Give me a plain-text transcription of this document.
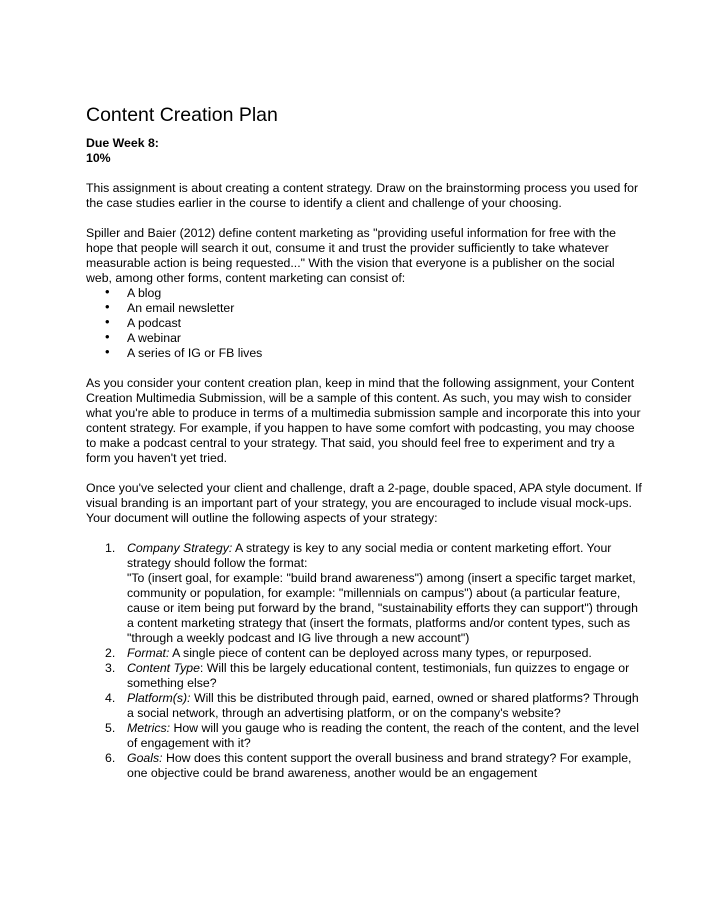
Content Creation Plan

Due Week 8:

10%

This assignment is about creating a content strategy. Draw on the brainstorming process you used for the case studies earlier in the course to identify a client and challenge of your choosing.

Spiller and Baier (2012) define content marketing as "providing useful information for free with the hope that people will search it out, consume it and trust the provider sufficiently to take whatever measurable action is being requested..." With the vision that everyone is a publisher on the social web, among other forms, content marketing can consist of:

• A blog
• An email newsletter
• A podcast
• A webinar
• A series of IG or FB lives

As you consider your content creation plan, keep in mind that the following assignment, your Content Creation Multimedia Submission, will be a sample of this content. As such, you may wish to consider what you're able to produce in terms of a multimedia submission sample and incorporate this into your content strategy. For example, if you happen to have some comfort with podcasting, you may choose to make a podcast central to your strategy. That said, you should feel free to experiment and try a form you haven't yet tried.

Once you've selected your client and challenge, draft a 2-page, double spaced, APA style document. If visual branding is an important part of your strategy, you are encouraged to include visual mock-ups. Your document will outline the following aspects of your strategy:

1. Company Strategy: A strategy is key to any social media or content marketing effort. Your strategy should follow the format:
"To (insert goal, for example: "build brand awareness") among (insert a specific target market, community or population, for example: "millennials on campus") about (a particular feature, cause or item being put forward by the brand, "sustainability efforts they can support") through a content marketing strategy that (insert the formats, platforms and/or content types, such as "through a weekly podcast and IG live through a new account")
2. Format: A single piece of content can be deployed across many types, or repurposed.
3. Content Type: Will this be largely educational content, testimonials, fun quizzes to engage or something else?
4. Platform(s): Will this be distributed through paid, earned, owned or shared platforms? Through a social network, through an advertising platform, or on the company's website?
5. Metrics: How will you gauge who is reading the content, the reach of the content, and the level of engagement with it?
6. Goals: How does this content support the overall business and brand strategy? For example, one objective could be brand awareness, another would be an engagement
